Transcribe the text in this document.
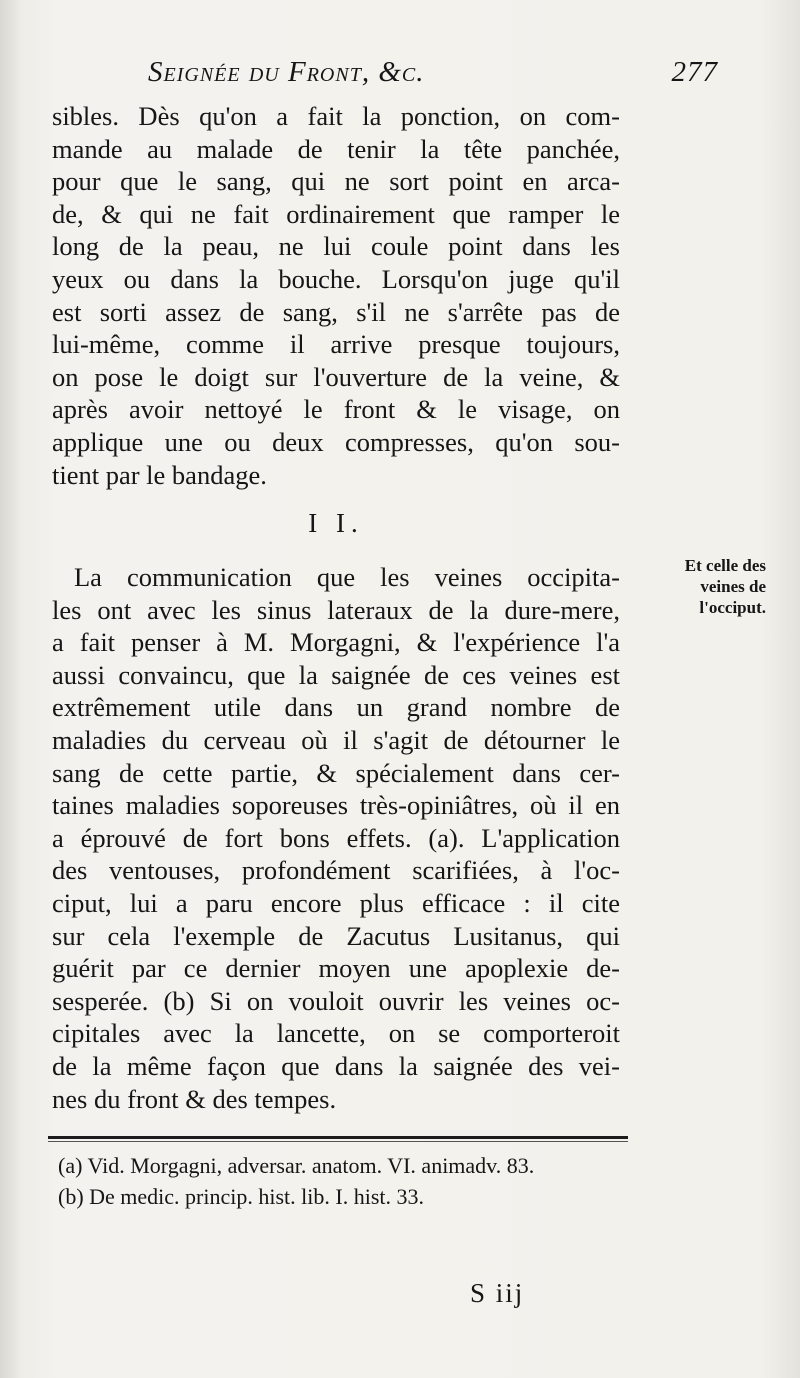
Seignée du Front, &c.	277
sibles. Dès qu'on a fait la ponction, on com-
mande au malade de tenir la tête panchée,
pour que le sang, qui ne sort point en arca-
de, & qui ne fait ordinairement que ramper le
long de la peau, ne lui coule point dans les
yeux ou dans la bouche. Lorsqu'on juge qu'il
est sorti assez de sang, s'il ne s'arrête pas de
lui-même, comme il arrive presque toujours,
on pose le doigt sur l'ouverture de la veine, &
après avoir nettoyé le front & le visage, on
applique une ou deux compresses, qu'on sou-
tient par le bandage.
I I.
La communication que les veines occipita-
les ont avec les sinus lateraux de la dure-mere,
a fait penser à M. Morgagni, & l'expérience l'a
aussi convaincu, que la saignée de ces veines est
extrêmement utile dans un grand nombre de
maladies du cerveau où il s'agit de détourner le
sang de cette partie, & spécialement dans cer-
taines maladies soporeuses très-opiniâtres, où il en
a éprouvé de fort bons effets. (a). L'application
des ventouses, profondément scarifiées, à l'oc-
ciput, lui a paru encore plus efficace : il cite
sur cela l'exemple de Zacutus Lusitanus, qui
guérit par ce dernier moyen une apoplexie de-
sesperée. (b) Si on vouloit ouvrir les veines oc-
cipitales avec la lancette, on se comporteroit
de la même façon que dans la saignée des vei-
nes du front & des tempes.
Et celle des
veines de
l'occiput.
(a) Vid. Morgagni, adversar. anatom. VI. animadv. 83.
(b) De medic. princip. hist. lib. I. hist. 33.
S iij
